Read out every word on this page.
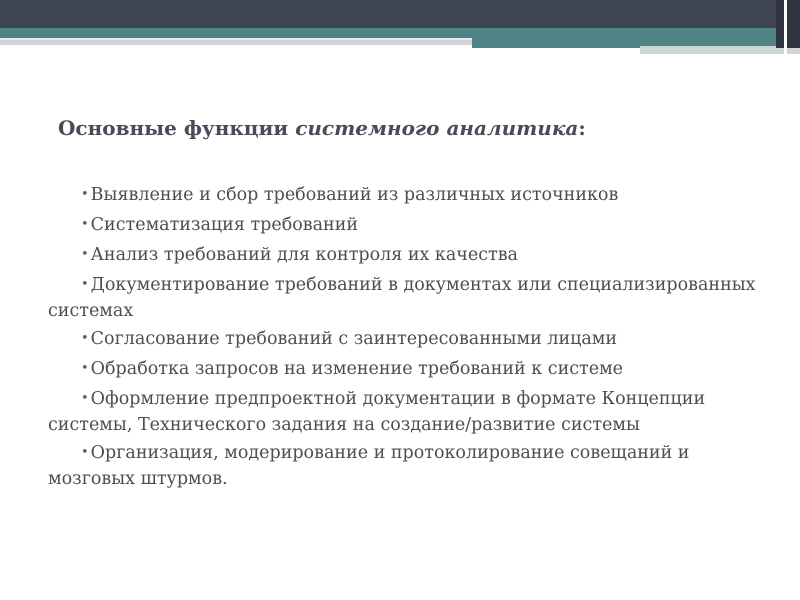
Основные функции системного аналитика:
• Выявление и сбор требований из различных источников
• Систематизация требований
• Анализ требований для контроля их качества
• Документирование требований в документах или специализированных системах
• Согласование требований с заинтересованными лицами
• Обработка запросов на изменение требований к системе
• Оформление предпроектной документации в формате Концепции системы, Технического задания на создание/развитие системы
• Организация, модерирование и протоколирование совещаний и мозговых штурмов.
